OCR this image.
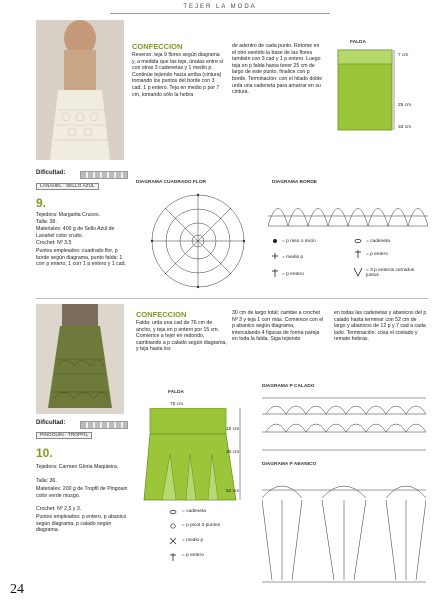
TEJER LA MODA
CONFECCION
Reverso: teja 9 flores según diagrama y, a medida que las teje, únalas entre sí con otras 3 cadenetas y 1 medio p. Continúe tejiendo hacia arriba (cintura) tomando los puntos del borde con 3 cad, 1 p entero. Teja en medio p por 7 cm, tomando sólo la hebra
de adentro de cada punto. Retome en el otro sentido la base de las flores también con 3 cad y 1 p entero. Luego teja en p falda hasta tener 25 cm de largo de este punto, finalice con p borde. Terminación: con el hilado doble urda una cadeneta para amarrar en su cintura.
FALDA
7 cm
25 cm
33 cm
Dificultad:
LANAHEL - SELLO AZUL
9.
Tejedora: Margarita Cruces.
Talla: 38.
Materiales: 400 g de Sello Azul de Lanahel color crudo.
Crochet: Nº 3.5
Puntos empleados: cuadrado flor, p borde según diagrama, punto falda: 1 corr p entero, 1 corr 1 p entero y 1 cad.
DIAGRAMA CUADRADO FLOR	DIAGRAMA BORDE
= p raso o inicio
= medio p
= p entero
= cadeneta
= p entero
= 3 p enteros cerrados juntos
CONFECCION
Falda: urda una cad de 76 cm de ancho, y teja en p entero por 15 cm. Comience a tejer en redondo, cambiando a p calado según diagrama, y teja hasta los
30 cm de largo total; cambie a crochet Nº 3 y teja 1 corr más. Comience con el p abanico según diagrama, intercalando 4 figuras de forma pareja en toda la falda. Siga tejiendo
en todas las cadenetas y abanicos del p calado hasta terminar con 52 cm de largo y abanicos de 12 p y 7 cad a cada lado. Terminación: cosa el costado y remate hebras.
Dificultad:
PINGOUIN - TROPFIL
10.
Tejedora: Carmen Gloria Maquieira.
Talla: 36.
Materiales: 200 g de Tropfil de Pingouin color verde musgo.
Crochet: Nº 2,5 y 3.
Puntos empleados: p entero, p abanico según diagrama, p calado según diagrama.
FALDA
76 cm
15 cm
30 cm
52 cm
DIAGRAMA P CALADO
DIAGRAMA P ABANICO
= cadeneta
= p picot 3 puntos
= medio p
= p entero
24
